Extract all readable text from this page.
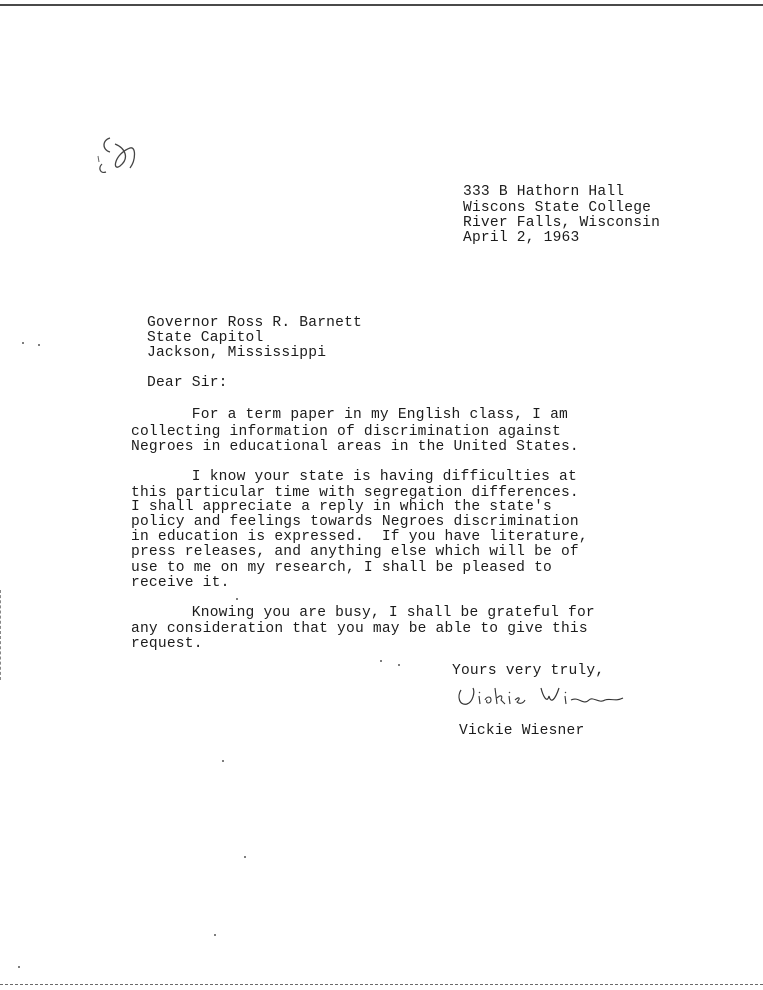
333 B Hathorn Hall
Wiscons State College
River Falls, Wisconsin
April 2, 1963
Governor Ross R. Barnett
State Capitol
Jackson, Mississippi
Dear Sir:
For a term paper in my English class, I am
collecting information of discrimination against
Negroes in educational areas in the United States.
I know your state is having difficulties at
this particular time with segregation differences.
I shall appreciate a reply in which the state's
policy and feelings towards Negroes discrimination
in education is expressed.  If you have literature,
press releases, and anything else which will be of
use to me on my research, I shall be pleased to
receive it.
Knowing you are busy, I shall be grateful for
any consideration that you may be able to give this
request.
Yours very truly,
Vickie Wiesner
